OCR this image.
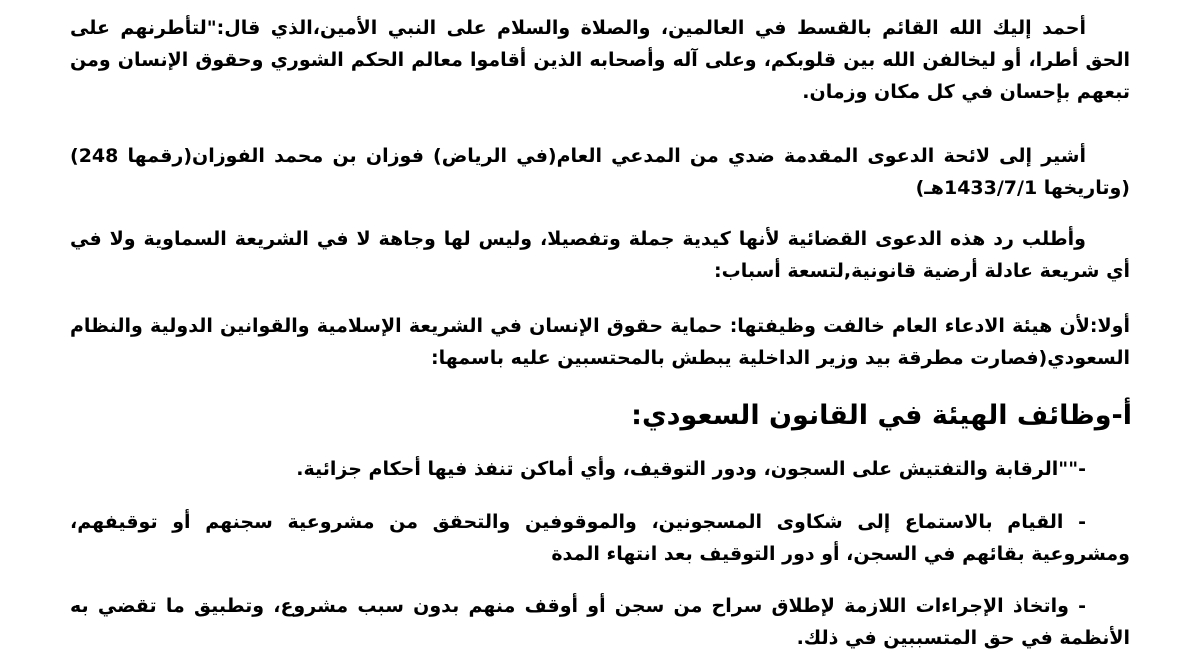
أحمد إليك الله القائم بالقسط في العالمين، والصلاة والسلام على النبي الأمين،الذي قال:"لتأطرنهم على الحق أطرا، أو ليخالفن الله بين قلوبكم، وعلى آله وأصحابه الذين أقاموا معالم الحكم الشوري وحقوق الإنسان ومن تبعهم بإحسان في كل مكان وزمان.

أشير إلى لائحة الدعوى المقدمة ضدي من المدعي العام(في الرياض) فوزان بن محمد الفوزان(رقمها 248) (وتاريخها 1433/7/1هـ)

وأطلب رد هذه الدعوى القضائية لأنها كيدية جملة وتفصيلا، وليس لها وجاهة لا في الشريعة السماوية ولا في أي شريعة عادلة أرضية قانونية,لتسعة أسباب:

أولا:لأن هيئة الادعاء العام خالفت وظيفتها: حماية حقوق الإنسان في الشريعة الإسلامية والقوانين الدولية والنظام السعودي(فصارت مطرقة بيد وزير الداخلية يبطش بالمحتسبين عليه باسمها:

أ-وظائف الهيئة في القانون السعودي:

-""الرقابة والتفتيش على السجون، ودور التوقيف، وأي أماكن تنفذ فيها أحكام جزائية.

- القيام بالاستماع إلى شكاوى المسجونين، والموقوفين والتحقق من مشروعية سجنهم أو توقيفهم، ومشروعية بقائهم في السجن، أو دور التوقيف بعد انتهاء المدة

- واتخاذ الإجراءات اللازمة لإطلاق سراح من سجن أو أوقف منهم بدون سبب مشروع، وتطبيق ما تقضي به الأنظمة في حق المتسببين في ذلك.
